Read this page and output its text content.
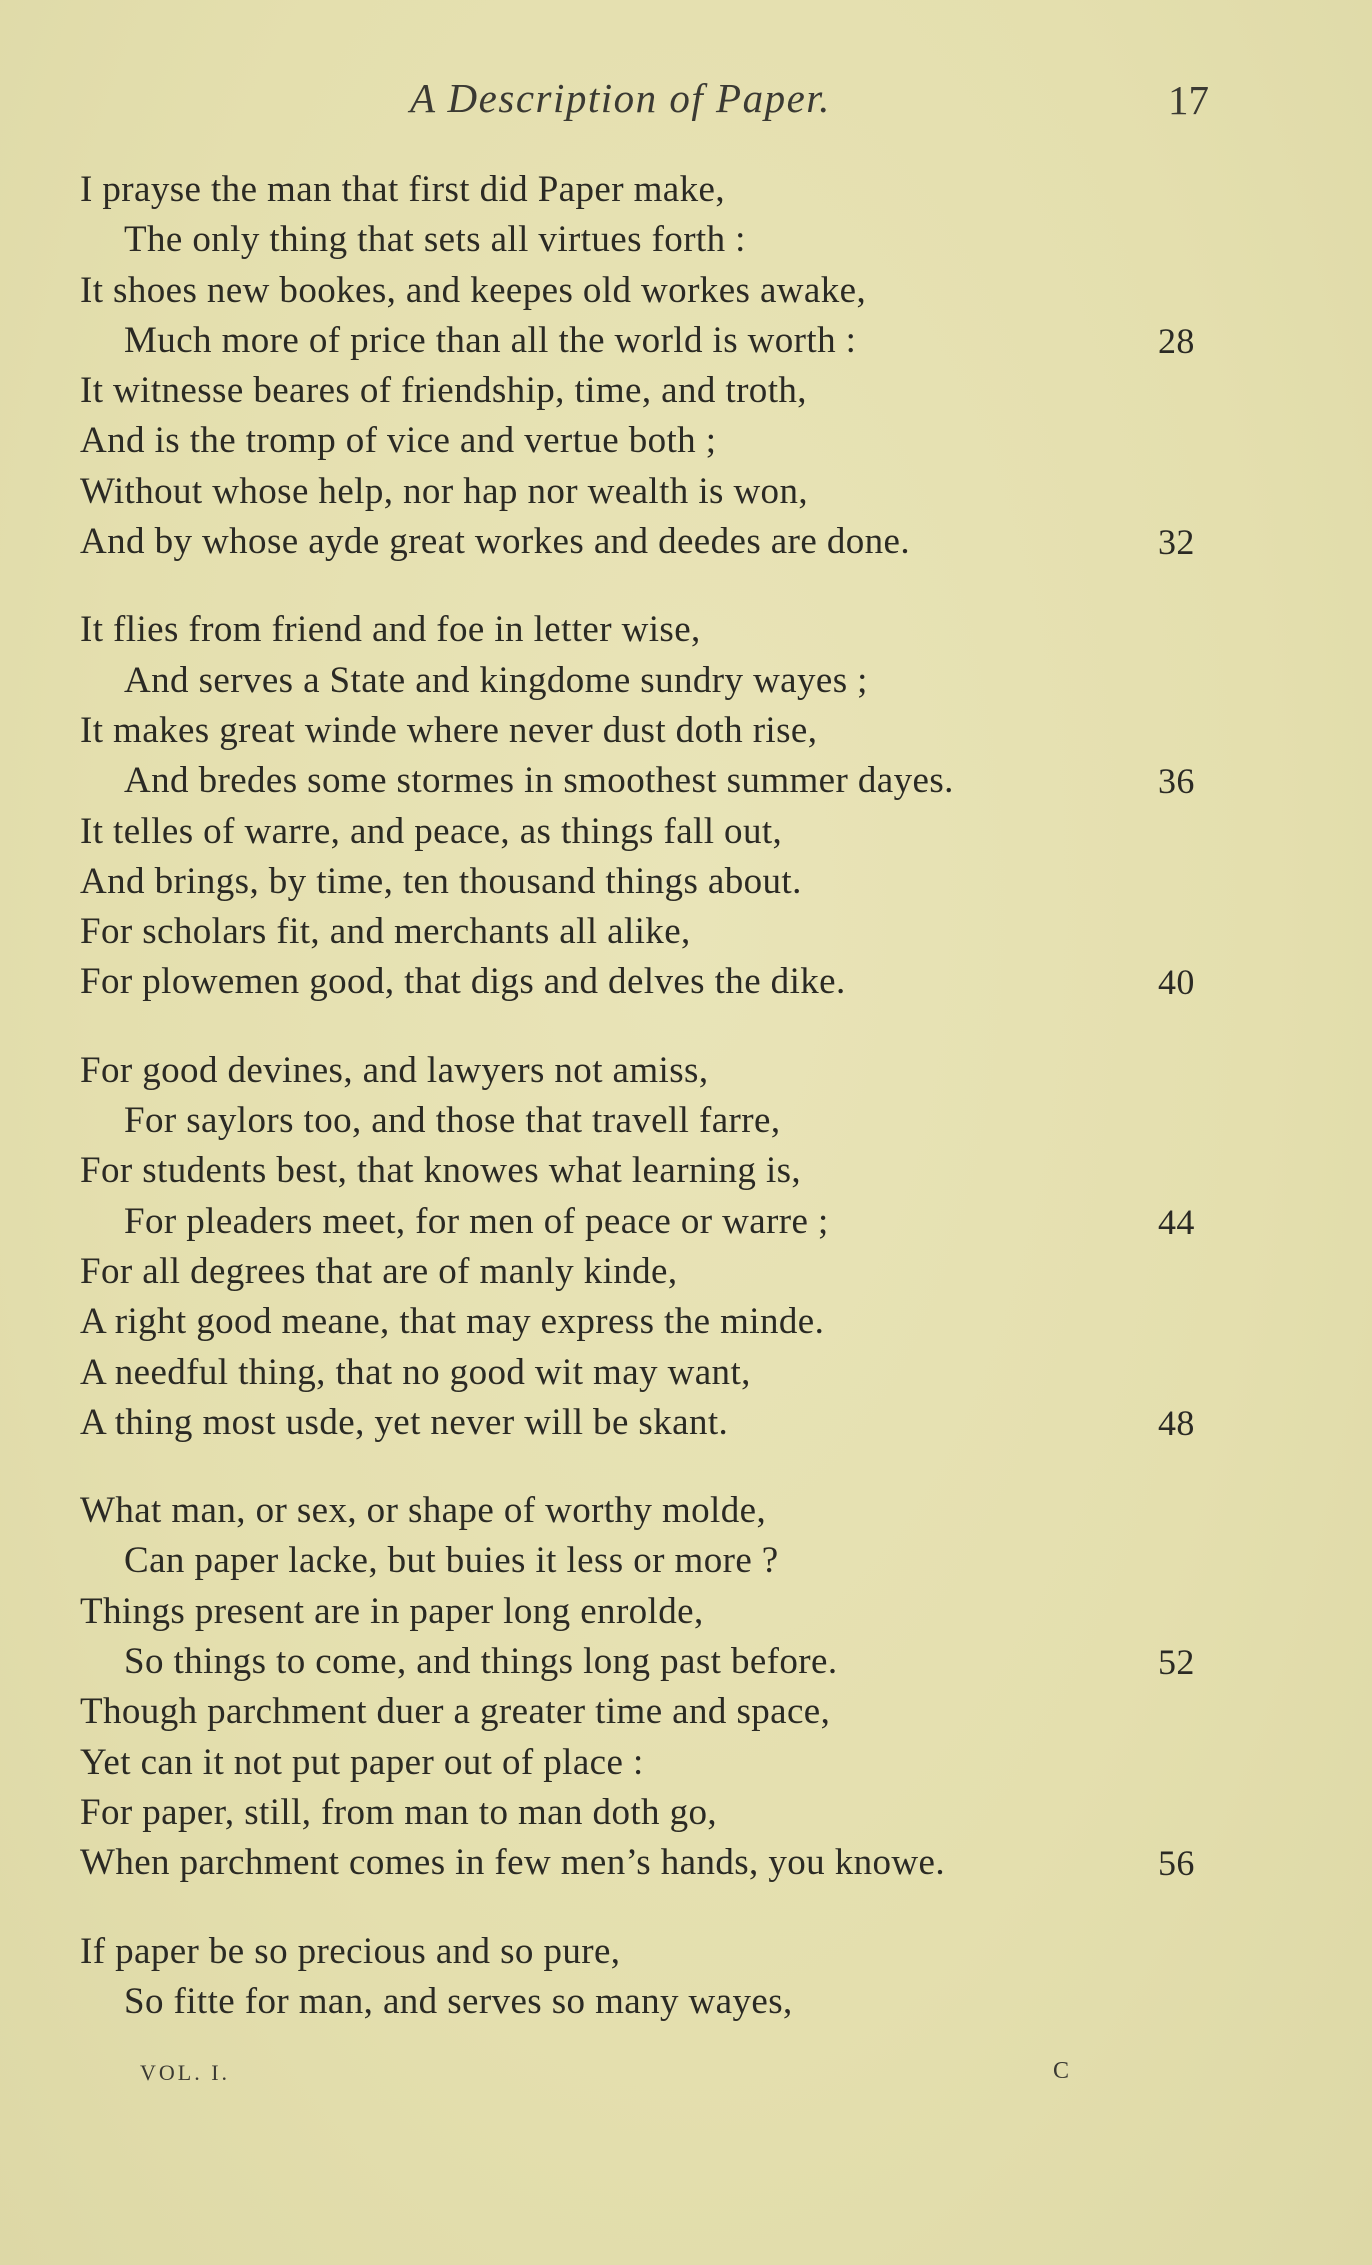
A Description of Paper.	17
I prayse the man that first did Paper make,
The only thing that sets all virtues forth :
It shoes new bookes, and keepes old workes awake,
Much more of price than all the world is worth :	28
It witnesse beares of friendship, time, and troth,
And is the tromp of vice and vertue both ;
Without whose help, nor hap nor wealth is won,
And by whose ayde great workes and deedes are done.	32
It flies from friend and foe in letter wise,
And serves a State and kingdome sundry wayes ;
It makes great winde where never dust doth rise,
And bredes some stormes in smoothest summer dayes.	36
It telles of warre, and peace, as things fall out,
And brings, by time, ten thousand things about.
For scholars fit, and merchants all alike,
For plowemen good, that digs and delves the dike.	40
For good devines, and lawyers not amiss,
For saylors too, and those that travell farre,
For students best, that knowes what learning is,
For pleaders meet, for men of peace or warre ;	44
For all degrees that are of manly kinde,
A right good meane, that may express the minde.
A needful thing, that no good wit may want,
A thing most usde, yet never will be skant.	48
What man, or sex, or shape of worthy molde,
Can paper lacke, but buies it less or more ?
Things present are in paper long enrolde,
So things to come, and things long past before.	52
Though parchment duer a greater time and space,
Yet can it not put paper out of place :
For paper, still, from man to man doth go,
When parchment comes in few men’s hands, you knowe.	56
If paper be so precious and so pure,
So fitte for man, and serves so many wayes,
VOL. I.	C
